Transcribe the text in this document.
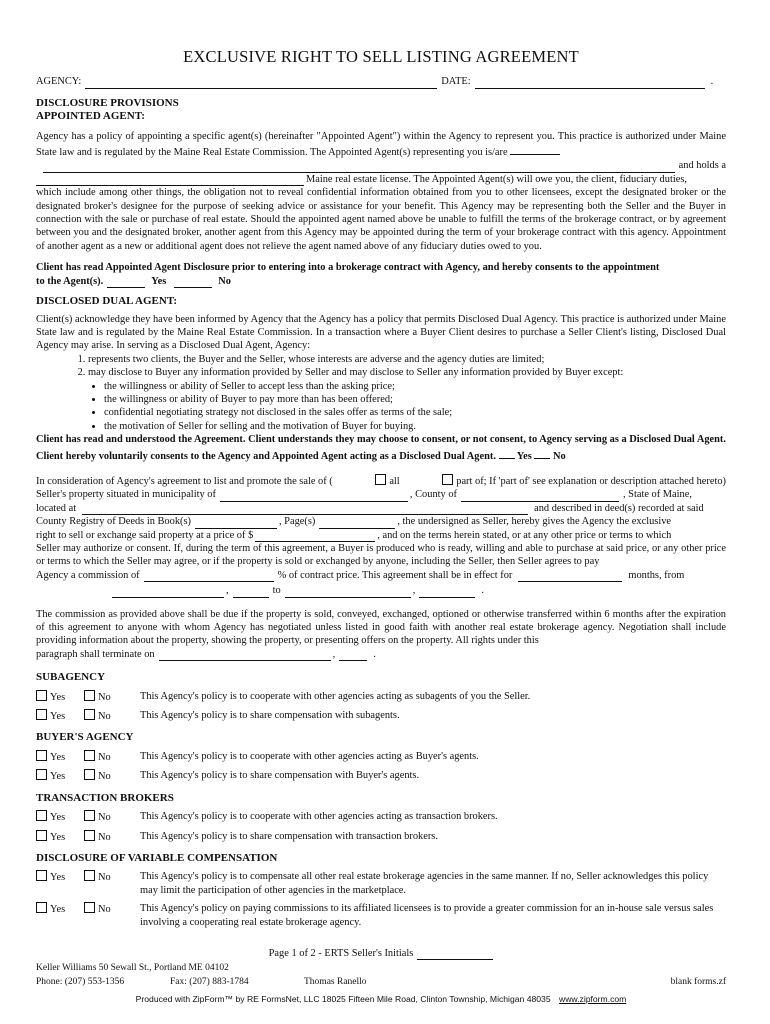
EXCLUSIVE RIGHT TO SELL LISTING AGREEMENT
AGENCY:	DATE:	.
DISCLOSURE PROVISIONS
APPOINTED AGENT:

Agency has a policy of appointing a specific agent(s) (hereinafter "Appointed Agent") within the Agency to represent you. This practice is authorized under Maine State law and is regulated by the Maine Real Estate Commission. The Appointed Agent(s) representing you is/are

and holds a
Maine real estate license. The Appointed Agent(s) will owe you, the client, fiduciary duties,

which include among other things, the obligation not to reveal confidential information obtained from you to other licensees, except the designated broker or the designated broker's designee for the purpose of seeking advice or assistance for your benefit. This Agency may be representing both the Seller and the Buyer in connection with the sale or purchase of real estate. Should the appointed agent named above be unable to fulfill the terms of the brokerage contract, or by agreement between you and the designated broker, another agent from this Agency may be appointed during the term of your brokerage contract with this agency. Appointment of another agent as a new or additional agent does not relieve the agent named above of any fiduciary duties owed to you.

Client has read Appointed Agent Disclosure prior to entering into a brokerage contract with Agency, and hereby consents to the appointment

to the Agent(s).	Yes	No
DISCLOSED DUAL AGENT:

Client(s) acknowledge they have been informed by Agency that the Agency has a policy that permits Disclosed Dual Agency. This practice is authorized under Maine State law and is regulated by the Maine Real Estate Commission. In a transaction where a Buyer Client desires to purchase a Seller Client's listing, Disclosed Dual Agency may arise. In serving as a Disclosed Dual Agent, Agency:

1. represents two clients, the Buyer and the Seller, whose interests are adverse and the agency duties are limited;
2. may disclose to Buyer any information provided by Seller and may disclose to Seller any information provided by Buyer except:
• the willingness or ability of Seller to accept less than the asking price;
• the willingness or ability of Buyer to pay more than has been offered;
• confidential negotiating strategy not disclosed in the sales offer as terms of the sale;
• the motivation of Seller for selling and the motivation of Buyer for buying.

Client has read and understood the Agreement. Client understands they may choose to consent, or not consent, to Agency serving as a Disclosed Dual Agent. Client hereby voluntarily consents to the Agency and Appointed Agent acting as a Disclosed Dual Agent. Yes No

In consideration of Agency's agreement to list and promote the sale of (	all	part of; If 'part of' see explanation or description attached hereto)
Seller's property situated in municipality of	, County of	, State of Maine,
located at	and described in deed(s) recorded at said
County Registry of Deeds in Book(s)	, Page(s)	, the undersigned as Seller, hereby gives the Agency the exclusive
right to sell or exchange said property at a price of $	, and on the terms herein stated, or at any other price or terms to which

Seller may authorize or consent. If, during the term of this agreement, a Buyer is produced who is ready, willing and able to purchase at said price, or any other price or terms to which the Seller may agree, or if the property is sold or exchanged by anyone, including the Seller, then Seller agrees to pay

Agency a commission of	% of contract price. This agreement shall be in effect for	months, from
,	to	,	.

The commission as provided above shall be due if the property is sold, conveyed, exchanged, optioned or otherwise transferred within 6 months after the expiration of this agreement to anyone with whom Agency has negotiated unless listed in good faith with another real estate brokerage agency. Negotiation shall include providing information about the property, showing the property, or presenting offers on the property. All rights under this

paragraph shall terminate on	,	.
SUBAGENCY
Yes	No	This Agency's policy is to cooperate with other agencies acting as subagents of you the Seller.
Yes	No	This Agency's policy is to share compensation with subagents.
BUYER'S AGENCY
Yes	No	This Agency's policy is to cooperate with other agencies acting as Buyer's agents.
Yes	No	This Agency's policy is to share compensation with Buyer's agents.
TRANSACTION BROKERS
Yes	No	This Agency's policy is to cooperate with other agencies acting as transaction brokers.
Yes	No	This Agency's policy is to share compensation with transaction brokers.
DISCLOSURE OF VARIABLE COMPENSATION
Yes	No	This Agency's policy is to compensate all other real estate brokerage agencies in the same manner. If no, Seller acknowledges this policy may limit the participation of other agencies in the marketplace.
Yes	No	This Agency's policy on paying commissions to its affiliated licensees is to provide a greater commission for an in-house sale versus sales involving a cooperating real estate brokerage agency.
Page 1 of 2 - ERTS Seller's Initials
Keller Williams 50 Sewall St., Portland ME 04102
Phone: (207) 553-1356	Fax: (207) 883-1784	Thomas Ranello	blank forms.zf
Produced with ZipForm™ by RE FormsNet, LLC 18025 Fifteen Mile Road, Clinton Township, Michigan 48035 www.zipform.com
